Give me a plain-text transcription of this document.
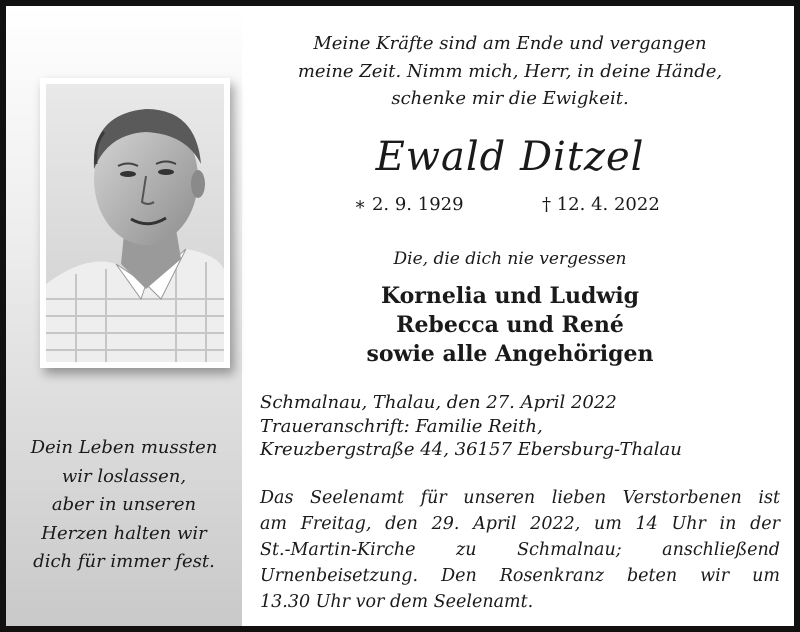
Dein Leben mussten
wir loslassen,
aber in unseren
Herzen halten wir
dich für immer fest.
Meine Kräfte sind am Ende und vergangen
meine Zeit. Nimm mich, Herr, in deine Hände,
schenke mir die Ewigkeit.
Ewald Ditzel
∗ 2. 9. 1929	† 12. 4. 2022
Die, die dich nie vergessen
Kornelia und Ludwig
Rebecca und René
sowie alle Angehörigen
Schmalnau, Thalau, den 27. April 2022
Traueranschrift: Familie Reith,
Kreuzbergstraße 44, 36157 Ebersburg-Thalau
Das Seelenamt für unseren lieben Verstorbenen ist
am Freitag, den 29. April 2022, um 14 Uhr in der
St.-Martin-Kirche zu Schmalnau; anschließend
Urnenbeisetzung. Den Rosenkranz beten wir um
13.30 Uhr vor dem Seelenamt.
